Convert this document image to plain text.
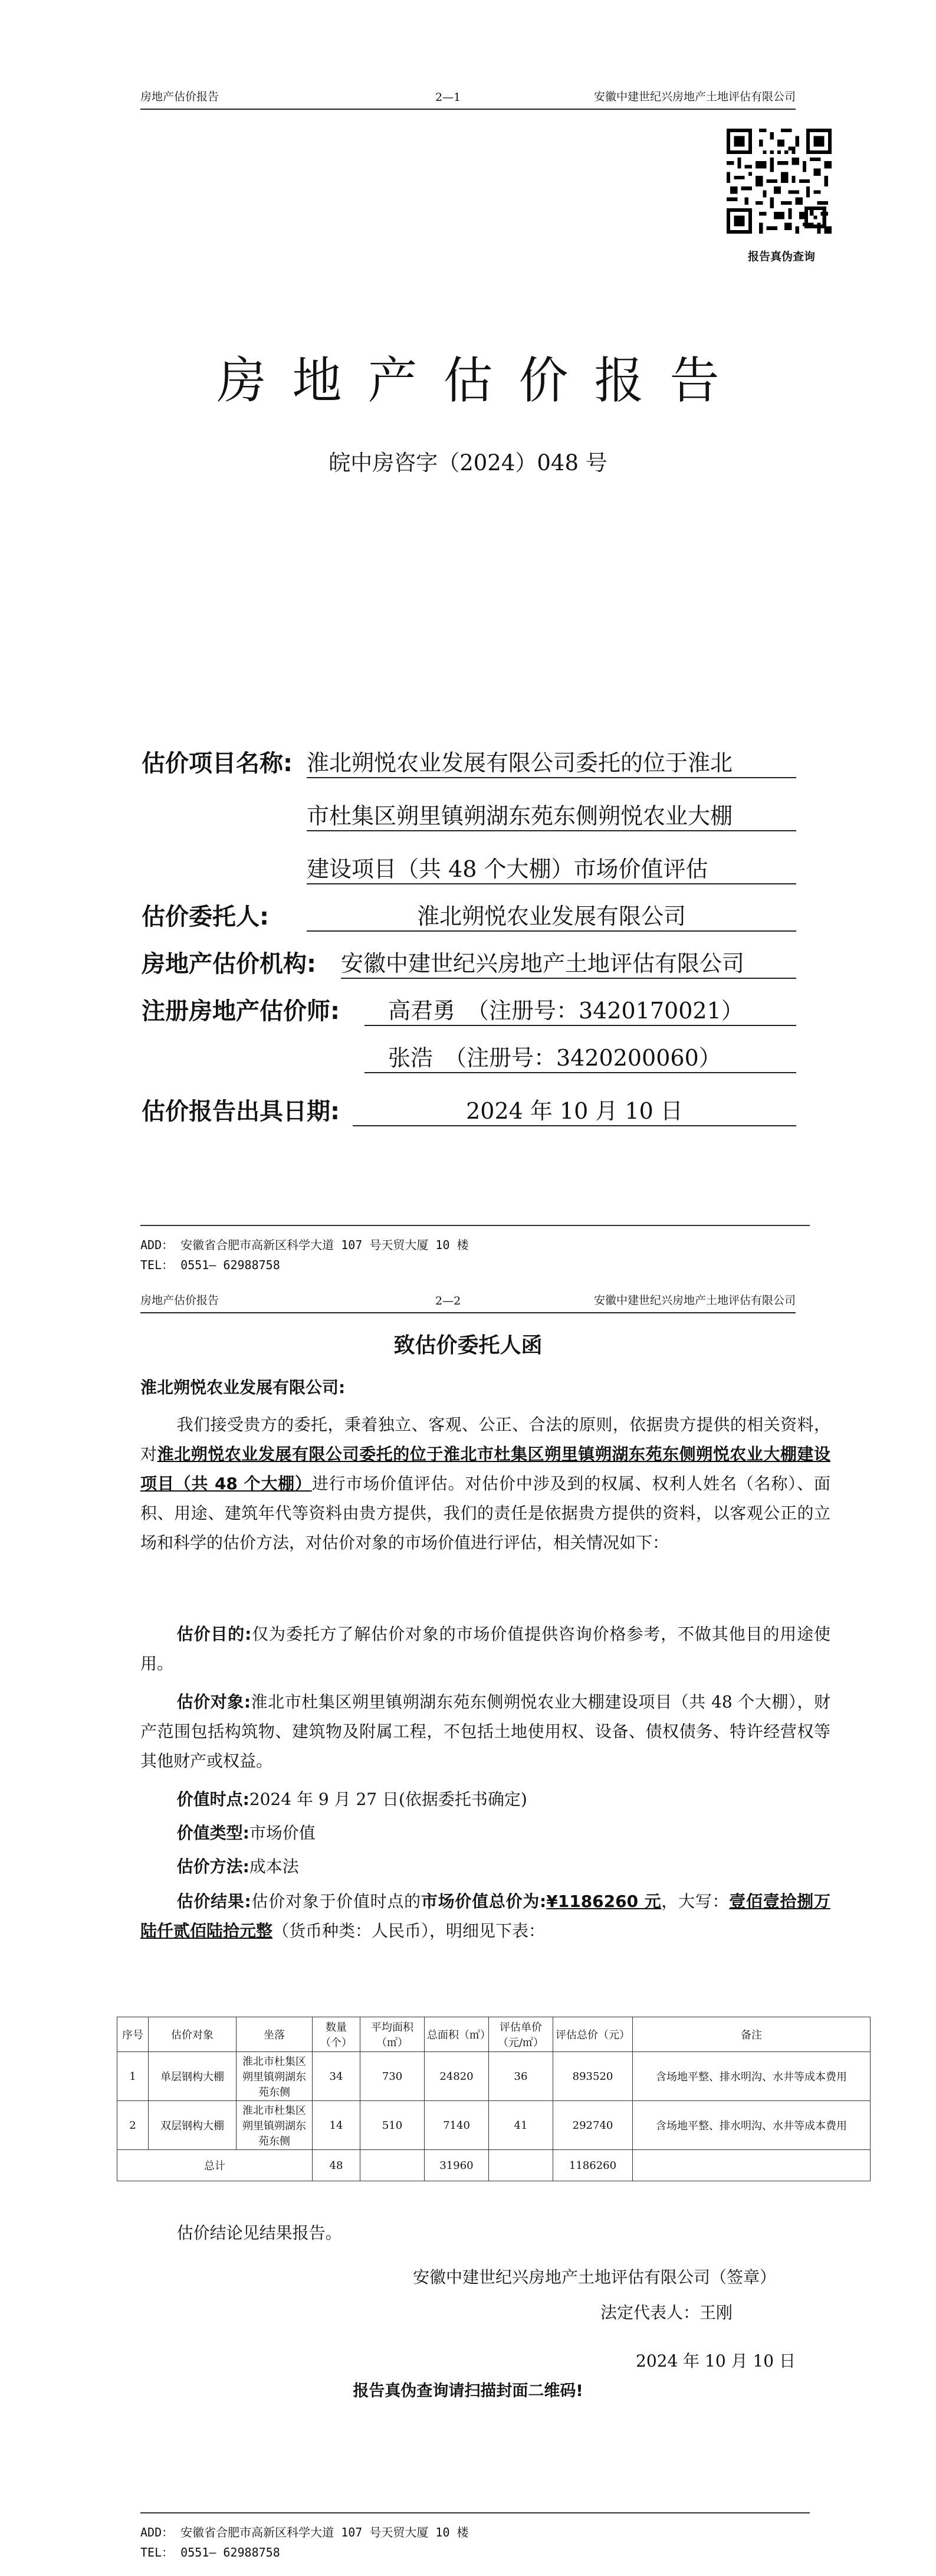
房地产估价报告	2—1	安徽中建世纪兴房地产土地评估有限公司
报告真伪查询
房地产估价报告
皖中房咨字（2024）048 号
估价项目名称: 淮北朔悦农业发展有限公司委托的位于淮北
市杜集区朔里镇朔湖东苑东侧朔悦农业大棚
建设项目（共 48 个大棚）市场价值评估
估价委托人:	淮北朔悦农业发展有限公司
房地产估价机构: 安徽中建世纪兴房地产土地评估有限公司
注册房地产估价师:	高君勇　（注册号：3420170021）
张浩　（注册号：3420200060）
估价报告出具日期:	2024 年 10 月 10 日
ADD： 安徽省合肥市高新区科学大道 107 号天贸大厦 10 楼
TEL： 0551— 62988758
房地产估价报告	2—2	安徽中建世纪兴房地产土地评估有限公司
致估价委托人函
淮北朔悦农业发展有限公司:
我们接受贵方的委托，秉着独立、客观、公正、合法的原则，依据贵方提供的相关资料，对淮北朔悦农业发展有限公司委托的位于淮北市杜集区朔里镇朔湖东苑东侧朔悦农业大棚建设项目（共 48 个大棚）进行市场价值评估。对估价中涉及到的权属、权利人姓名（名称）、面积、用途、建筑年代等资料由贵方提供，我们的责任是依据贵方提供的资料，以客观公正的立场和科学的估价方法，对估价对象的市场价值进行评估，相关情况如下：
估价目的:仅为委托方了解估价对象的市场价值提供咨询价格参考，不做其他目的用途使用。
估价对象:淮北市杜集区朔里镇朔湖东苑东侧朔悦农业大棚建设项目（共 48 个大棚），财产范围包括构筑物、建筑物及附属工程，不包括土地使用权、设备、债权债务、特许经营权等其他财产或权益。
价值时点:2024 年 9 月 27 日(依据委托书确定)
价值类型:市场价值
估价方法:成本法
估价结果:估价对象于价值时点的市场价值总价为:¥1186260 元，大写：壹佰壹拾捌万陆仟贰佰陆拾元整（货币种类：人民币），明细见下表：
序号	估价对象	坐落	数量（个）	平均面积（㎡）	总面积（㎡）	评估单价（元/㎡）	评估总价（元）	备注
1	单层钢构大棚	淮北市杜集区朔里镇朔湖东苑东侧	34	730	24820	36	893520	含场地平整、排水明沟、水井等成本费用
2	双层钢构大棚	淮北市杜集区朔里镇朔湖东苑东侧	14	510	7140	41	292740	含场地平整、排水明沟、水井等成本费用
总计			48		31960		1186260	
估价结论见结果报告。
安徽中建世纪兴房地产土地评估有限公司（签章）
法定代表人：王刚
2024 年 10 月 10 日
报告真伪查询请扫描封面二维码!
ADD： 安徽省合肥市高新区科学大道 107 号天贸大厦 10 楼
TEL： 0551— 62988758
